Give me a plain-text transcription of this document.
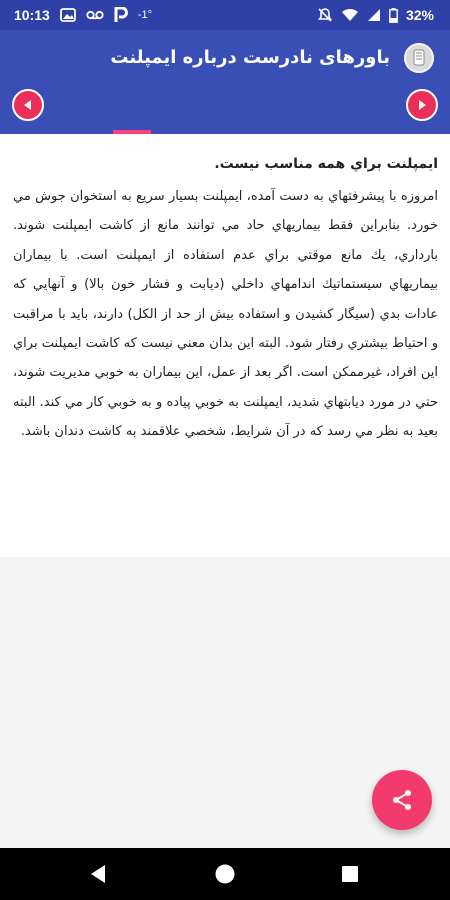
10:13	-1°	32%
باورهای نادرست درباره ایمپلنت

ايمپلنت براي همه مناسب نيست.

امروزه با پيشرفتهاي به دست آمده، ايمپلنت بسيار سريع به استخوان جوش مي خورد. بنابراين فقط بيماريهاي حاد مي توانند مانع از كاشت ايمپلنت شوند. بارداري، يك مانع موقتي براي عدم استفاده از ايمپلنت است. با بيماران بيماريهاي سيستماتيك اندامهاي داخلي (ديابت و فشار خون بالا) و آنهايي كه عادات بدي (سيگار كشيدن و استفاده بيش از حد از الكل) دارند، بايد با مراقبت و احتياط بيشتري رفتار شود. البته اين بدان معني نيست كه كاشت ايمپلنت براي اين افراد، غيرممكن است. اگر بعد از عمل، اين بيماران به خوبي مديريت شوند، حتي در مورد ديابتهاي شديد، ايمپلنت به خوبي پياده و به خوبي كار مي كند. البته بعيد به نظر مي رسد كه در آن شرايط، شخصي علاقمند به كاشت دندان باشد.
